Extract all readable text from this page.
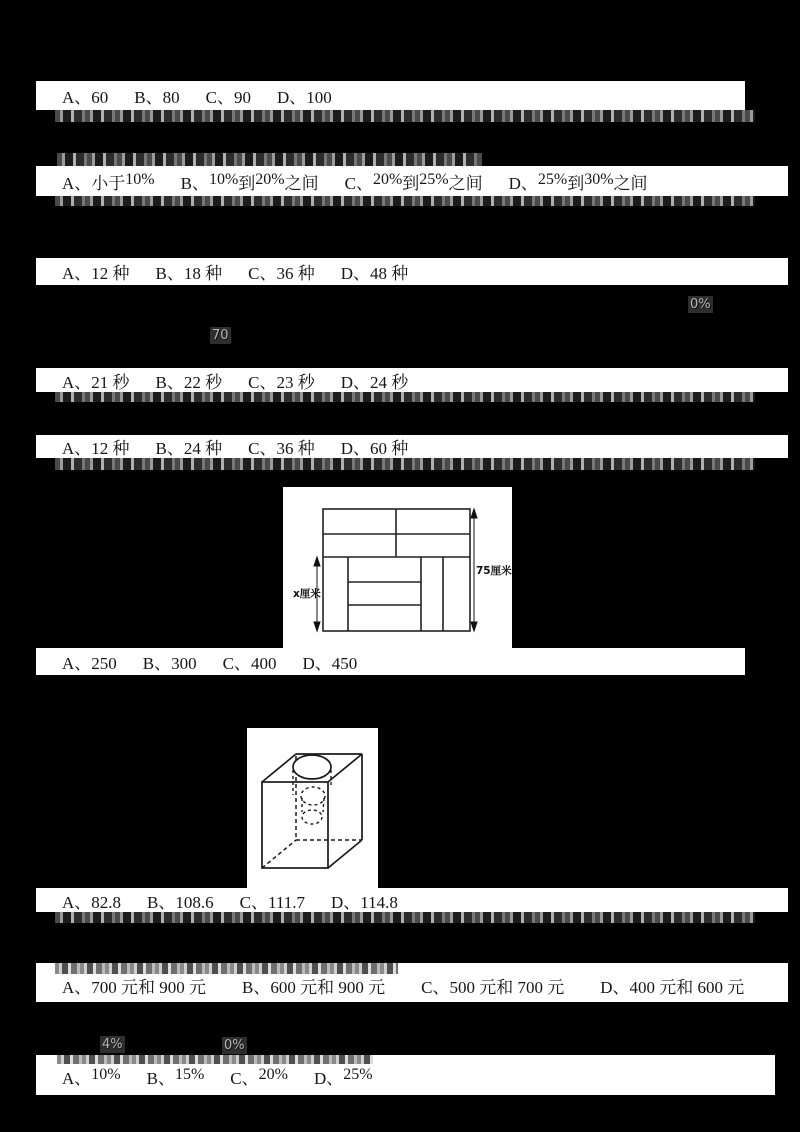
A、60 B、80 C、90 D、100
A、小于10% B、10%到20%之间 C、20%到25%之间 D、25%到30%之间
A、12 种 B、18 种 C、36 种 D、48 种
A、21 秒 B、22 秒 C、23 秒 D、24 秒
A、12 种 B、24 种 C、36 种 D、60 种
A、250 B、300 C、400 D、450
A、82.8 B、108.6 C、111.7 D、114.8
A、700 元和 900 元 B、600 元和 900 元 C、500 元和 700 元 D、400 元和 600 元
A、10% B、15% C、20% D、25%
0%
70
4%	0%
75厘米
x厘米
